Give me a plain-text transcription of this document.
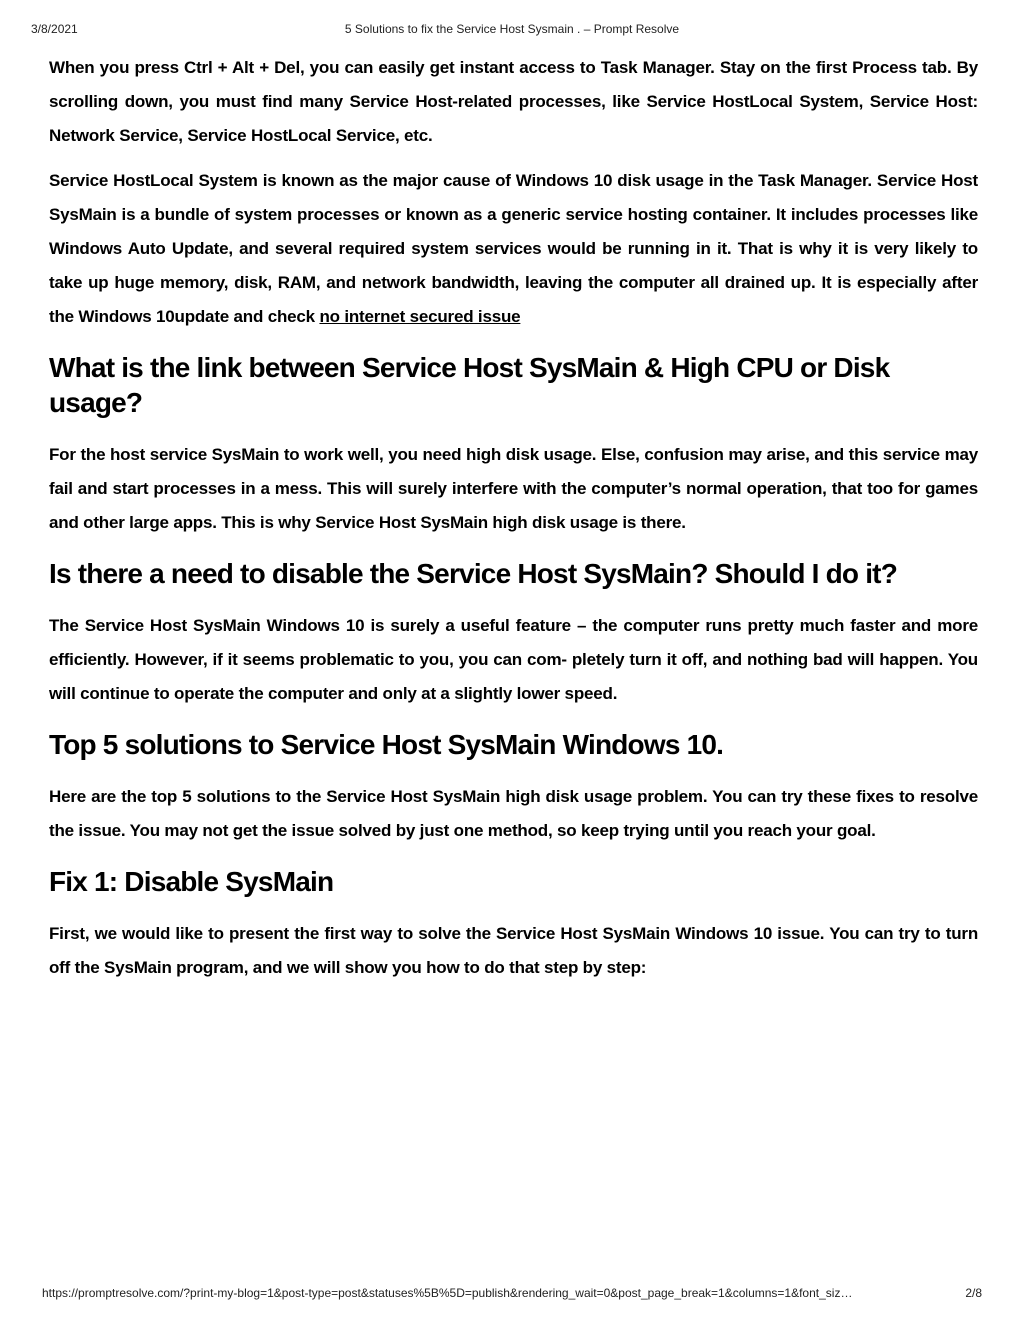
3/8/2021	5 Solutions to fix the Service Host Sysmain . – Prompt Resolve

When you press Ctrl + Alt + Del, you can easily get instant access to Task Manager. Stay on the first Process tab. By scrolling down, you must find many Service Host-related processes, like Service HostLocal System, Service Host: Network Service, Service HostLocal Service, etc.

Service HostLocal System is known as the major cause of Windows 10 disk usage in the Task Manager. Service Host SysMain is a bundle of system processes or known as a generic service hosting container. It includes processes like Windows Auto Update, and several required system services would be running in it. That is why it is very likely to take up huge memory, disk, RAM, and network bandwidth, leaving the computer all drained up. It is especially after the Windows 10update and check no internet secured issue

What is the link between Service Host SysMain & High CPU or Disk usage?

For the host service SysMain to work well, you need high disk usage. Else, confusion may arise, and this service may fail and start processes in a mess. This will surely interfere with the computer’s normal operation, that too for games and other large apps. This is why Service Host SysMain high disk usage is there.

Is there a need to disable the Service Host SysMain? Should I do it?

The Service Host SysMain Windows 10 is surely a useful feature – the computer runs pretty much faster and more efficiently. However, if it seems problematic to you, you can com- pletely turn it off, and nothing bad will happen. You will continue to operate the computer and only at a slightly lower speed.

Top 5 solutions to Service Host SysMain Windows 10.

Here are the top 5 solutions to the Service Host SysMain high disk usage problem. You can try these fixes to resolve the issue. You may not get the issue solved by just one method, so keep trying until you reach your goal.

Fix 1: Disable SysMain

First, we would like to present the first way to solve the Service Host SysMain Windows 10 issue. You can try to turn off the SysMain program, and we will show you how to do that step by step:

https://promptresolve.com/?print-my-blog=1&post-type=post&statuses%5B%5D=publish&rendering_wait=0&post_page_break=1&columns=1&font_siz…	2/8
